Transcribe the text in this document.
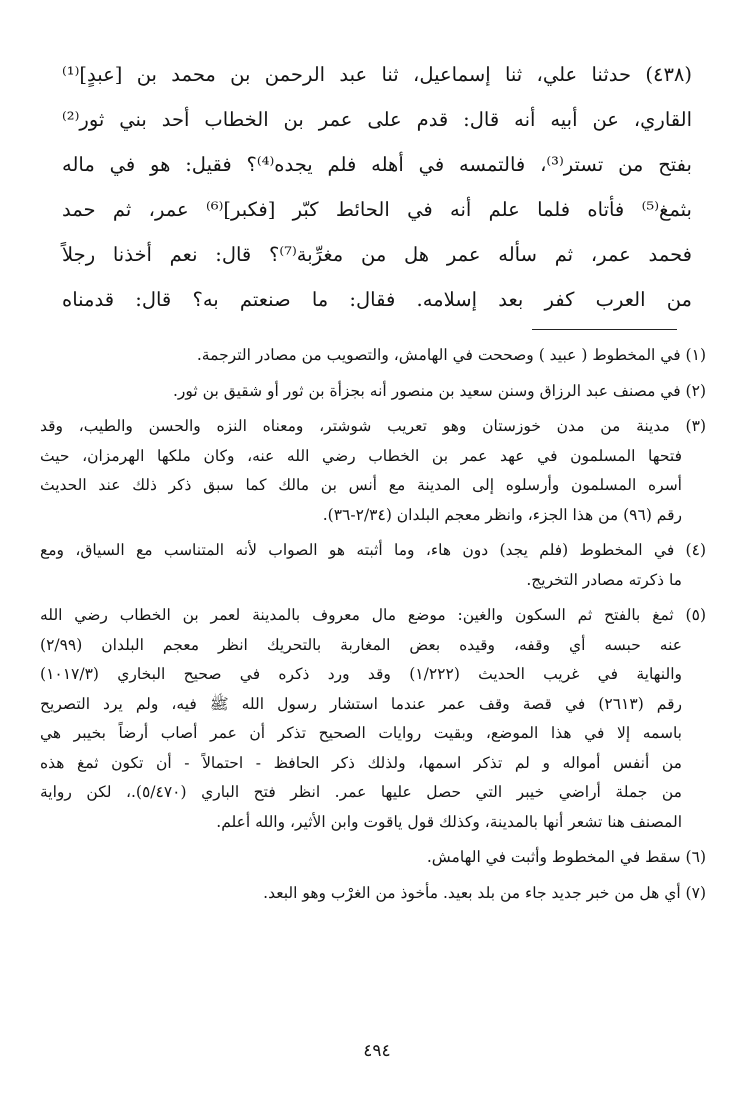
(٤٣٨) حدثنا علي، ثنا إسماعيل، ثنا عبد الرحمن بن محمد بن [عبدٍ]⁽¹⁾
القاري، عن أبيه أنه قال: قدم على عمر بن الخطاب أحد بني ثور⁽²⁾
بفتح من تستر⁽³⁾، فالتمسه في أهله فلم يجده⁽⁴⁾؟ فقيل: هو في ماله
بثمغ⁽⁵⁾ فأتاه فلما علم أنه في الحائط كبّر [فكبر]⁽⁶⁾ عمر، ثم حمد
فحمد عمر، ثم سأله عمر هل من مغرِّبة⁽⁷⁾؟ قال: نعم أخذنا رجلاً
من العرب كفر بعد إسلامه. فقال: ما صنعتم به؟ قال: قدمناه
(١) في المخطوط ( عبيد ) وصححت في الهامش، والتصويب من مصادر الترجمة.
(٢) في مصنف عبد الرزاق وسنن سعيد بن منصور أنه بجزأة بن ثور أو شقيق بن ثور.
(٣) مدينة من مدن خوزستان وهو تعريب شوشتر، ومعناه النزه والحسن والطيب، وقد
فتحها المسلمون في عهد عمر بن الخطاب رضي الله عنه، وكان ملكها الهرمزان، حيث
أسره المسلمون وأرسلوه إلى المدينة مع أنس بن مالك كما سبق ذكر ذلك عند الحديث
رقم (٩٦) من هذا الجزء، وانظر معجم البلدان (٢/٣٤-٣٦).
(٤) في المخطوط (فلم يجد) دون هاء، وما أثبته هو الصواب لأنه المتناسب مع السياق، ومع
ما ذكرته مصادر التخريج.
(٥) ثمغ بالفتح ثم السكون والغين: موضع مال معروف بالمدينة لعمر بن الخطاب رضي الله
عنه حبسه أي وقفه، وقيده بعض المغاربة بالتحريك انظر معجم البلدان (٢/٩٩)
والنهاية في غريب الحديث (١/٢٢٢) وقد ورد ذكره في صحيح البخاري (١٠١٧/٣)
رقم (٢٦١٣) في قصة وقف عمر عندما استشار رسول الله ﷺ فيه، ولم يرد التصريح
باسمه إلا في هذا الموضع، وبقيت روايات الصحيح تذكر أن عمر أصاب أرضاً بخيبر هي
من أنفس أمواله و لم تذكر اسمها، ولذلك ذكر الحافظ - احتمالاً - أن تكون ثمغ هذه
من جملة أراضي خيبر التي حصل عليها عمر. انظر فتح الباري (٥/٤٧٠).، لكن رواية
المصنف هنا تشعر أنها بالمدينة، وكذلك قول ياقوت وابن الأثير، والله أعلم.
(٦) سقط في المخطوط وأثبت في الهامش.
(٧) أي هل من خبر جديد جاء من بلد بعيد. مأخوذ من الغرْب وهو البعد.
٤٩٤
